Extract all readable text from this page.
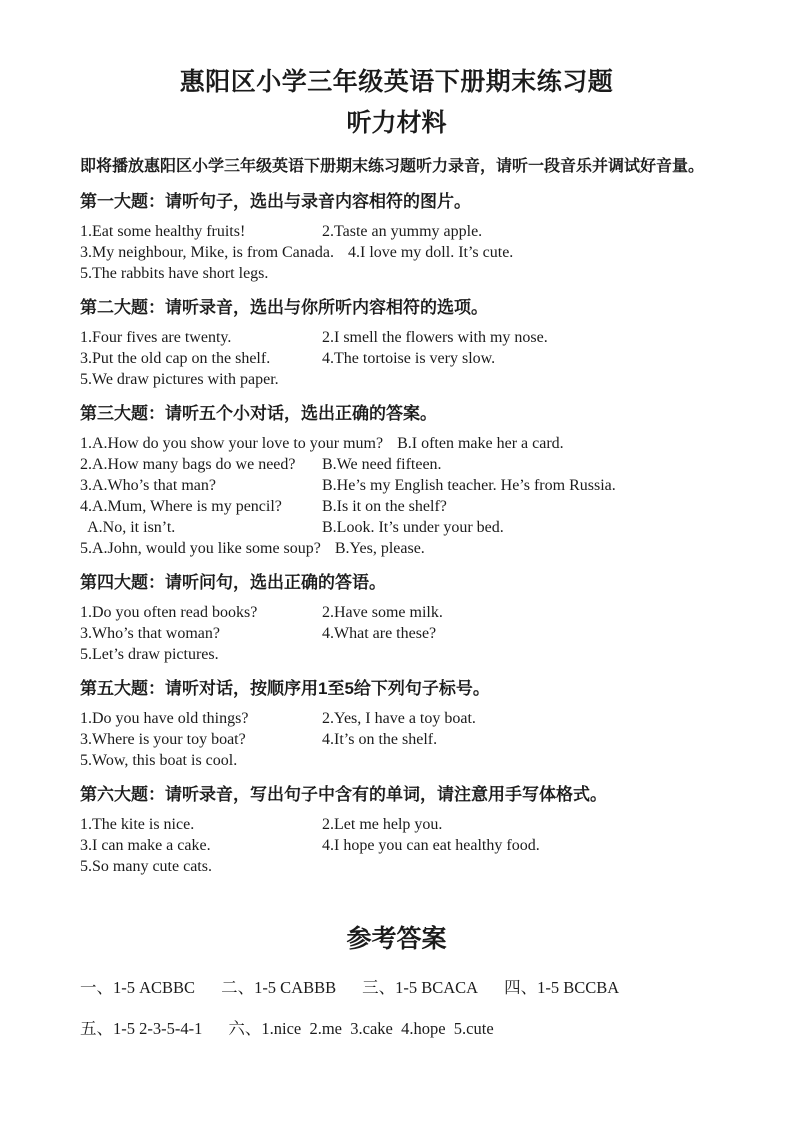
惠阳区小学三年级英语下册期末练习题
听力材料

即将播放惠阳区小学三年级英语下册期末练习题听力录音，请听一段音乐并调试好音量。

第一大题：请听句子，选出与录音内容相符的图片。
1.Eat some healthy fruits!	2.Taste an yummy apple.
3.My neighbour, Mike, is from Canada. 4.I love my doll. It’s cute.
5.The rabbits have short legs.
第二大题：请听录音，选出与你所听内容相符的选项。
1.Four fives are twenty.	2.I smell the flowers with my nose.
3.Put the old cap on the shelf.	4.The tortoise is very slow.
5.We draw pictures with paper.
第三大题：请听五个小对话，选出正确的答案。
1.A.How do you show your love to your mum? B.I often make her a card.
2.A.How many bags do we need? B.We need fifteen.
3.A.Who’s that man?	B.He’s my English teacher. He’s from Russia.
4.A.Mum, Where is my pencil?	B.Is it on the shelf?
A.No, it isn’t.	B.Look. It’s under your bed.
5.A.John, would you like some soup? B.Yes, please.
第四大题：请听问句，选出正确的答语。
1.Do you often read books?	2.Have some milk.
3.Who’s that woman?	4.What are these?
5.Let’s draw pictures.
第五大题：请听对话，按顺序用1至5给下列句子标号。
1.Do you have old things?	2.Yes, I have a toy boat.
3.Where is your toy boat?	4.It’s on the shelf.
5.Wow, this boat is cool.
第六大题：请听录音，写出句子中含有的单词，请注意用手写体格式。
1.The kite is nice.	2.Let me help you.
3.I can make a cake.	4.I hope you can eat healthy food.
5.So many cute cats.
参考答案
一、1-5 ACBBC 二、1-5 CABBB 三、1-5 BCACA 四、1-5 BCCBA
五、1-5 2-3-5-4-1 六、1.nice  2.me  3.cake  4.hope  5.cute
